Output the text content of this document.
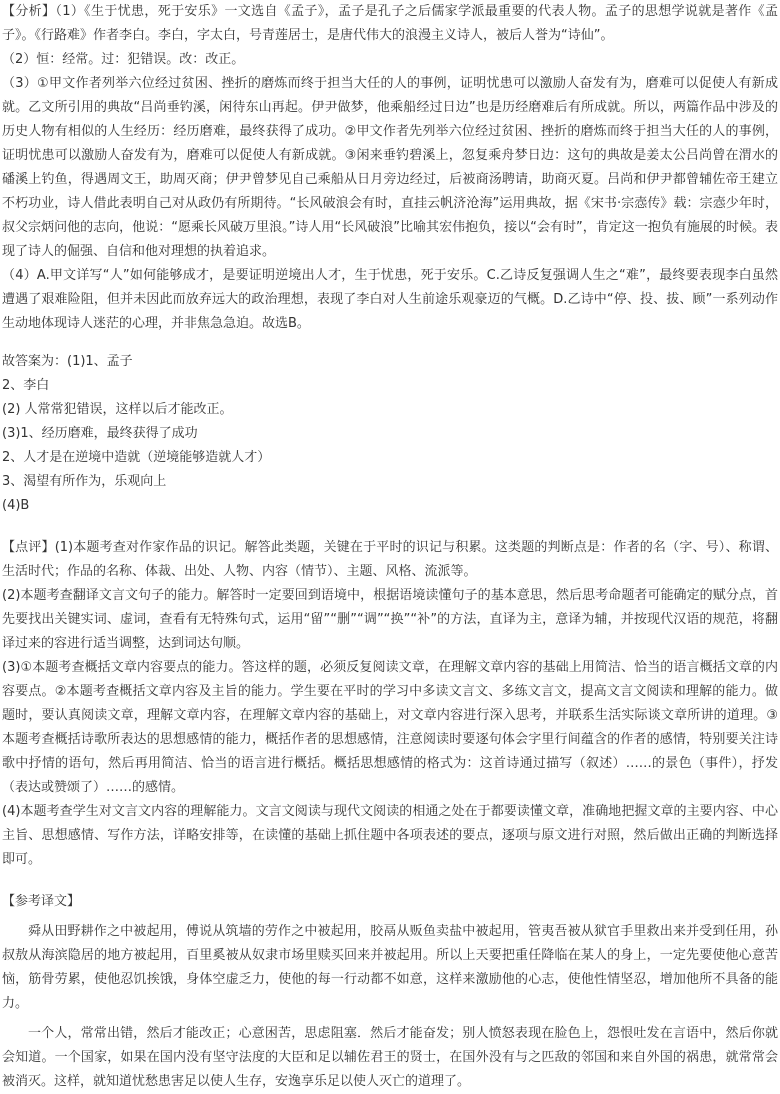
【分析】（1）《生于忧患，死于安乐》一文选自《孟子》，孟子是孔子之后儒家学派最重要的代表人物。孟子的思想学说就是著作《孟子》。《行路难》作者李白。李白，字太白，号青莲居士，是唐代伟大的浪漫主义诗人，被后人誉为“诗仙”。

（2）恒：经常。过：犯错误。改：改正。

（3）①甲文作者列举六位经过贫困、挫折的磨炼而终于担当大任的人的事例，证明忧患可以激励人奋发有为，磨难可以促使人有新成就。乙文所引用的典故“吕尚垂钓溪，闲待东山再起。伊尹做梦，他乘船经过日边”也是历经磨难后有所成就。所以，两篇作品中涉及的历史人物有相似的人生经历：经历磨难，最终获得了成功。②甲文作者先列举六位经过贫困、挫折的磨炼而终于担当大任的人的事例，证明忧患可以激励人奋发有为，磨难可以促使人有新成就。③闲来垂钓碧溪上，忽复乘舟梦日边：这句的典故是姜太公吕尚曾在渭水的磻溪上钓鱼，得遇周文王，助周灭商；伊尹曾梦见自己乘船从日月旁边经过，后被商汤聘请，助商灭夏。吕尚和伊尹都曾辅佐帝王建立不朽功业，诗人借此表明自己对从政仍有所期待。“长风破浪会有时，直挂云帆济沧海”运用典故，据《宋书·宗悫传》载：宗悫少年时，叔父宗炳问他的志向，他说：“愿乘长风破万里浪。”诗人用“长风破浪”比喻其宏伟抱负，接以“会有时”，肯定这一抱负有施展的时候。表现了诗人的倔强、自信和他对理想的执着追求。

（4）A.甲文详写“人”如何能够成才，是要证明逆境出人才，生于忧患，死于安乐。C.乙诗反复强调人生之“难”，最终要表现李白虽然遭遇了艰难险阻，但并未因此而放弃远大的政治理想，表现了李白对人生前途乐观豪迈的气概。D.乙诗中“停、投、拔、顾”一系列动作生动地体现诗人迷茫的心理，并非焦急急迫。故选B。

故答案为：(1)1、孟子

2、李白

(2) 人常常犯错误，这样以后才能改正。

(3)1、经历磨难，最终获得了成功

2、人才是在逆境中造就（逆境能够造就人才）

3、渴望有所作为，乐观向上

(4)B

【点评】(1)本题考查对作家作品的识记。解答此类题，关键在于平时的识记与积累。这类题的判断点是：作者的名（字、号）、称谓、生活时代；作品的名称、体裁、出处、人物、内容（情节）、主题、风格、流派等。

(2)本题考查翻译文言文句子的能力。解答时一定要回到语境中，根据语境读懂句子的基本意思，然后思考命题者可能确定的赋分点，首先要找出关键实词、虚词，查看有无特殊句式，运用“留”“删”“调”“换”“补”的方法，直译为主，意译为辅，并按现代汉语的规范，将翻译过来的容进行适当调整，达到词达句顺。

(3)①本题考查概括文章内容要点的能力。答这样的题，必须反复阅读文章，在理解文章内容的基础上用简洁、恰当的语言概括文章的内容要点。②本题考查概括文章内容及主旨的能力。学生要在平时的学习中多读文言文、多练文言文，提高文言文阅读和理解的能力。做题时，要认真阅读文章，理解文章内容，在理解文章内容的基础上，对文章内容进行深入思考，并联系生活实际谈文章所讲的道理。③本题考查概括诗歌所表达的思想感情的能力，概括作者的思想感情，注意阅读时要逐句体会字里行间蕴含的作者的感情，特别要关注诗歌中抒情的语句，然后再用简洁、恰当的语言进行概括。概括思想感情的格式为：这首诗通过描写（叙述）……的景色（事件），抒发（表达或赞颂了）……的感情。

(4)本题考查学生对文言文内容的理解能力。文言文阅读与现代文阅读的相通之处在于都要读懂文章，准确地把握文章的主要内容、中心主旨、思想感情、写作方法，详略安排等，在读懂的基础上抓住题中各项表述的要点，逐项与原文进行对照，然后做出正确的判断选择即可。

【参考译文】

舜从田野耕作之中被起用，傅说从筑墙的劳作之中被起用，胶鬲从贩鱼卖盐中被起用，管夷吾被从狱官手里救出来并受到任用，孙叔敖从海滨隐居的地方被起用，百里奚被从奴隶市场里赎买回来并被起用。所以上天要把重任降临在某人的身上，一定先要使他心意苦恼，筋骨劳累，使他忍饥挨饿，身体空虚乏力，使他的每一行动都不如意，这样来激励他的心志，使他性情坚忍，增加他所不具备的能力。

一个人，常常出错，然后才能改正；心意困苦，思虑阻塞．然后才能奋发；别人愤怒表现在脸色上，怨恨吐发在言语中，然后你就会知道。一个国家，如果在国内没有坚守法度的大臣和足以辅佐君王的贤士，在国外没有与之匹敌的邻国和来自外国的祸患，就常常会被消灭。这样，就知道忧愁患害足以使人生存，安逸享乐足以使人灭亡的道理了。
